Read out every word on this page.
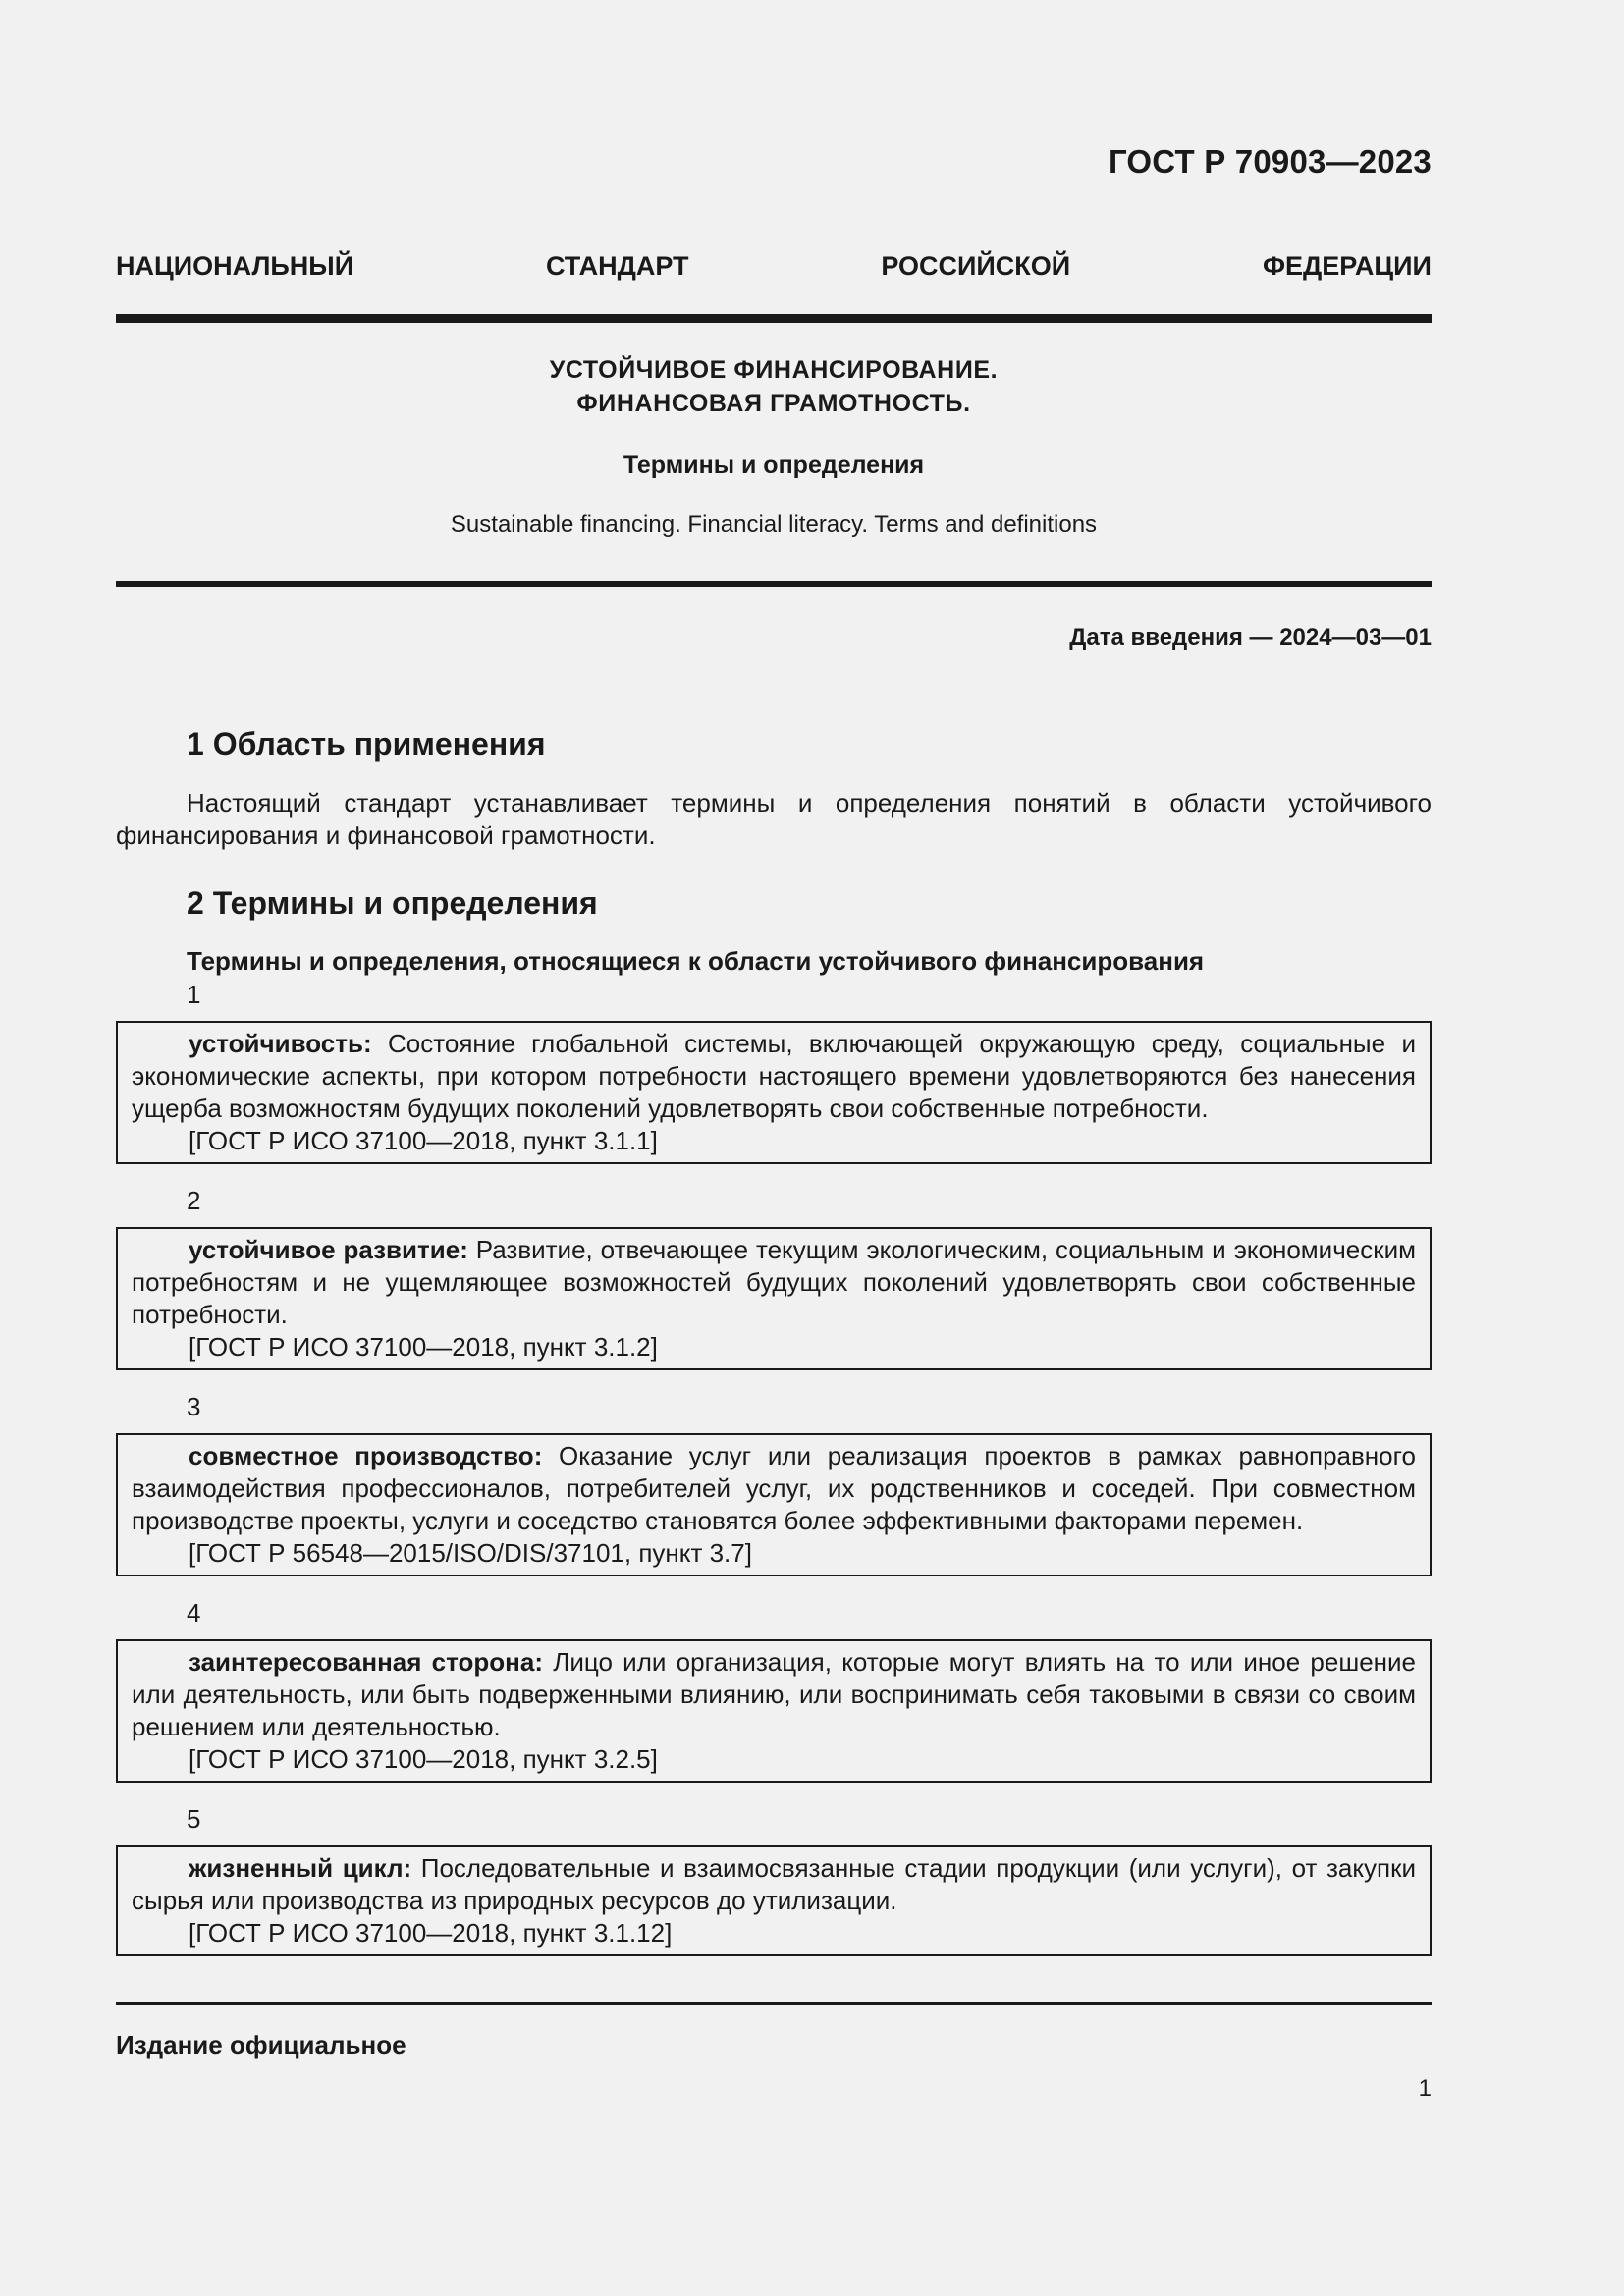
ГОСТ Р 70903—2023
НАЦИОНАЛЬНЫЙ	СТАНДАРТ	РОССИЙСКОЙ	ФЕДЕРАЦИИ
УСТОЙЧИВОЕ ФИНАНСИРОВАНИЕ.
ФИНАНСОВАЯ ГРАМОТНОСТЬ.
Термины и определения
Sustainable financing. Financial literacy. Terms and definitions
Дата введения — 2024—03—01
1 Область применения
Настоящий стандарт устанавливает термины и определения понятий в области устойчивого финансирования и финансовой грамотности.
2 Термины и определения
Термины и определения, относящиеся к области устойчивого финансирования
1
устойчивость: Состояние глобальной системы, включающей окружающую среду, социальные и экономические аспекты, при котором потребности настоящего времени удовлетворяются без нанесения ущерба возможностям будущих поколений удовлетворять свои собственные потребности.
[ГОСТ Р ИСО 37100—2018, пункт 3.1.1]
2
устойчивое развитие: Развитие, отвечающее текущим экологическим, социальным и экономическим потребностям и не ущемляющее возможностей будущих поколений удовлетворять свои собственные потребности.
[ГОСТ Р ИСО 37100—2018, пункт 3.1.2]
3
совместное производство: Оказание услуг или реализация проектов в рамках равноправного взаимодействия профессионалов, потребителей услуг, их родственников и соседей. При совместном производстве проекты, услуги и соседство становятся более эффективными факторами перемен.
[ГОСТ Р 56548—2015/ISO/DIS/37101, пункт 3.7]
4
заинтересованная сторона: Лицо или организация, которые могут влиять на то или иное решение или деятельность, или быть подверженными влиянию, или воспринимать себя таковыми в связи со своим решением или деятельностью.
[ГОСТ Р ИСО 37100—2018, пункт 3.2.5]
5
жизненный цикл: Последовательные и взаимосвязанные стадии продукции (или услуги), от закупки сырья или производства из природных ресурсов до утилизации.
[ГОСТ Р ИСО 37100—2018, пункт 3.1.12]
Издание официальное
1
